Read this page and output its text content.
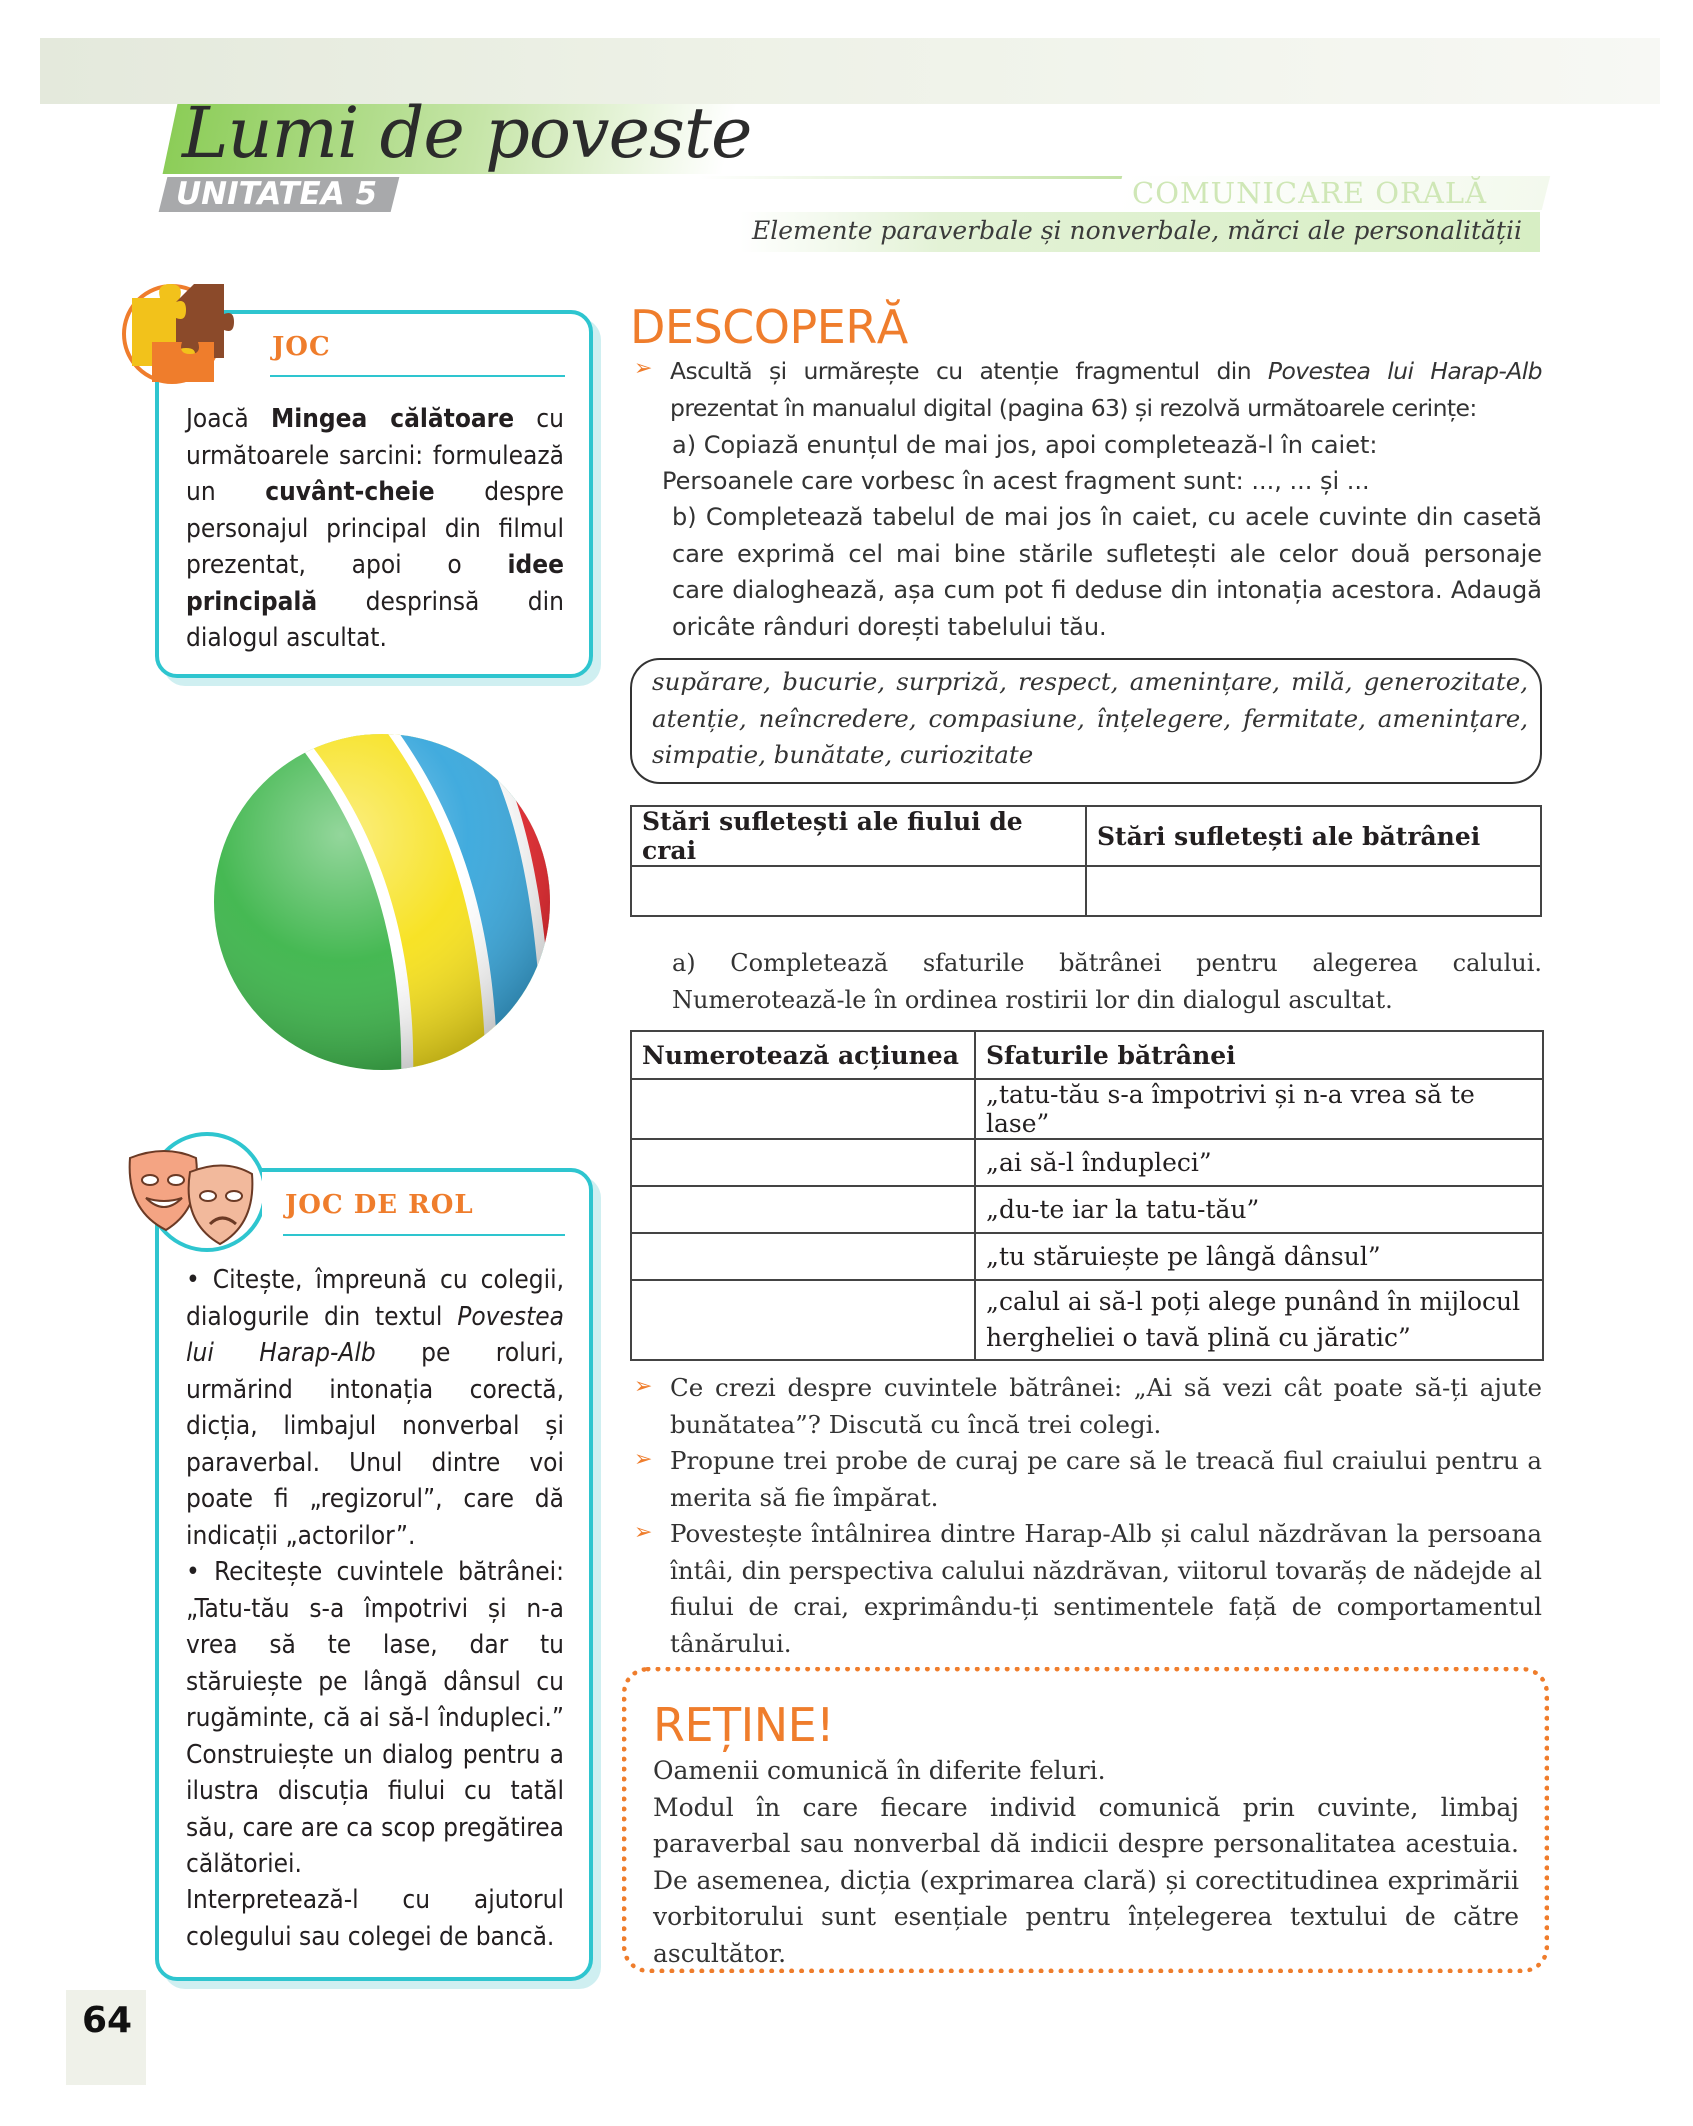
Lumi de poveste
UNITATEA 5	COMUNICARE ORALĂ
Elemente paraverbale și nonverbale, mărci ale personalității
JOC
Joacă Mingea călătoare cu următoarele sarcini: formulează un cuvânt-cheie despre personajul principal din filmul prezentat, apoi o idee principală desprinsă din dialogul ascultat.
JOC DE ROL
• Citește, împreună cu colegii, dialogurile din textul Povestea lui Harap-Alb pe roluri, urmărind intonația corectă, dicția, limbajul nonverbal și paraverbal. Unul dintre voi poate fi „regizorul”, care dă indicații „actorilor”.
• Recitește cuvintele bătrânei: „Tatu-tău s-a împotrivi și n-a vrea să te lase, dar tu stăruiește pe lângă dânsul cu rugăminte, că ai să-l înduplеci.” Construiește un dialog pentru a ilustra discuția fiului cu tatăl său, care are ca scop pregătirea călătoriei.
Interpretează-l cu ajutorul colegului sau colegei de bancă.
DESCOPERĂ
➢ Ascultă și urmărește cu atenție fragmentul din Povestea lui Harap-Alb prezentat în manualul digital (pagina 63) și rezolvă următoarele cerințe:
a) Copiază enunțul de mai jos, apoi completează-l în caiet:
Persoanele care vorbesc în acest fragment sunt: ..., ... și ...
b) Completează tabelul de mai jos în caiet, cu acele cuvinte din casetă care exprimă cel mai bine stările sufletești ale celor două personaje care dialoghează, așa cum pot fi deduse din intonația acestora. Adaugă oricâte rânduri dorești tabelului tău.
supărare, bucurie, surpriză, respect, amenințare, milă, generozitate, atenție, neîncredere, compasiune, înțelegere, fermitate, amenințare, simpatie, bunătate, curiozitate
Stări sufletești ale fiului de crai	Stări sufletești ale bătrânei

a) Completează sfaturile bătrânei pentru alegerea calului. Numerotează-le în ordinea rostirii lor din dialogul ascultat.
Numerotează acțiunea	Sfaturile bătrânei
	„tatu-tău s-a împotrivi și n-a vrea să te lase”
	„ai să-l înduplеci”
	„du-te iar la tatu-tău”
	„tu stăruiește pe lângă dânsul”
	„calul ai să-l poți alege punând în mijlocul hergheliei o tavă plină cu jăratic”
➢ Ce crezi despre cuvintele bătrânei: „Ai să vezi cât poate să-ți ajute bunătatea”? Discută cu încă trei colegi.
➢ Propune trei probe de curaj pe care să le treacă fiul craiului pentru a merita să fie împărat.
➢ Povestește întâlnirea dintre Harap-Alb și calul năzdrăvan la persoana întâi, din perspectiva calului năzdrăvan, viitorul tovarăș de nădejde al fiului de crai, exprimându-ți sentimentele față de comportamentul tânărului.
REȚINE!
Oamenii comunică în diferite feluri.
Modul în care fiecare individ comunică prin cuvinte, limbaj paraverbal sau nonverbal dă indicii despre personalitatea acestuia. De asemenea, dicția (exprimarea clară) și corectitudinea exprimării vorbitorului sunt esențiale pentru înțelegerea textului de către ascultător.
64
